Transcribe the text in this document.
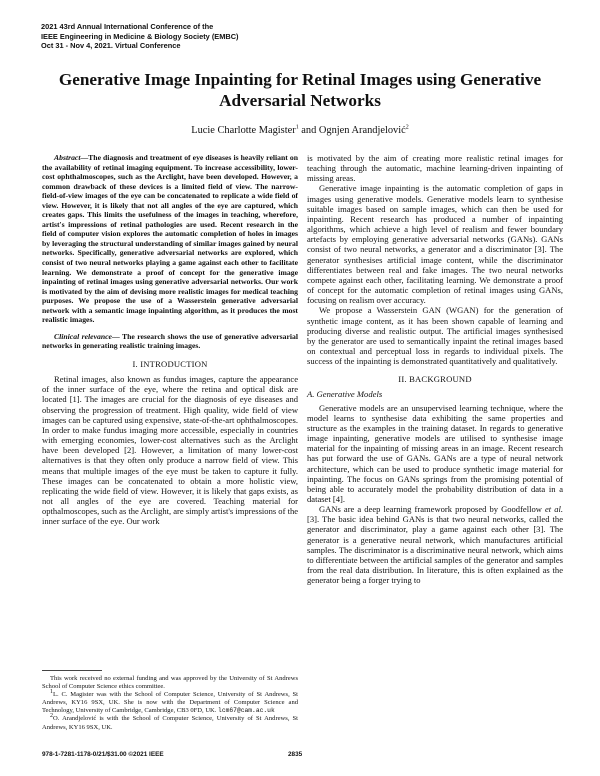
2021 43rd Annual International Conference of the
IEEE Engineering in Medicine & Biology Society (EMBC)
Oct 31 - Nov 4, 2021. Virtual Conference
Generative Image Inpainting for Retinal Images using Generative
Adversarial Networks
Lucie Charlotte Magister$^1$ and Ognjen Arandjelović$^2$

Abstract—The diagnosis and treatment of eye diseases is heavily reliant on the availability of retinal imaging equipment. To increase accessibility, lower-cost ophthalmoscopes, such as the Arclight, have been developed. However, a common drawback of these devices is a limited field of view. The narrow-field-of-view images of the eye can be concatenated to replicate a wide field of view. However, it is likely that not all angles of the eye are captured, which creates gaps. This limits the usefulness of the images in teaching, wherefore, artist's impressions of retinal pathologies are used. Recent research in the field of computer vision explores the automatic completion of holes in images by leveraging the structural understanding of similar images gained by neural networks. Specifically, generative adversarial networks are explored, which consist of two neural networks playing a game against each other to facilitate learning. We demonstrate a proof of concept for the generative image inpainting of retinal images using generative adversarial networks. Our work is motivated by the aim of devising more realistic images for medical teaching purposes. We propose the use of a Wasserstein generative adversarial network with a semantic image inpainting algorithm, as it produces the most realistic images.

Clinical relevance— The research shows the use of generative adversarial networks in generating realistic training images.

I. INTRODUCTION

Retinal images, also known as fundus images, capture the appearance of the inner surface of the eye, where the retina and optical disk are located [1]. The images are crucial for the diagnosis of eye diseases and observing the progression of treatment. High quality, wide field of view images can be captured using expensive, state-of-the-art ophthalmoscopes. In order to make fundus imaging more accessible, especially in countries with emerging economies, lower-cost alternatives such as the Arclight have been developed [2]. However, a limitation of many lower-cost alternatives is that they often only produce a narrow field of view. This means that multiple images of the eye must be taken to capture it fully. These images can be concatenated to obtain a more holistic view, replicating the wide field of view. However, it is likely that gaps exists, as not all angles of the eye are covered. Teaching material for opthalmoscopes, such as the Arclight, are simply artist's impressions of the inner surface of the eye. Our work

This work received no external funding and was approved by the University of St Andrews School of Computer Science ethics committee.

$^1$L. C. Magister was with the School of Computer Science, University of St Andrews, St Andrews, KY16 9SX, UK. She is now with the Department of Computer Science and Technology, University of Cambridge, Cambridge, CB3 0FD, UK. lcm67@cam.ac.uk

$^2$O. Arandjelović is with the School of Computer Science, University of St Andrews, St Andrews, KY16 9SX, UK.

is motivated by the aim of creating more realistic retinal images for teaching through the automatic, machine learning-driven inpainting of missing areas.

Generative image inpainting is the automatic completion of gaps in images using generative models. Generative models learn to synthesise suitable images based on sample images, which can then be used for inpainting. Recent research has produced a number of inpainting algorithms, which achieve a high level of realism and fewer boundary artefacts by employing generative adversarial networks (GANs). GANs consist of two neural networks, a generator and a discriminator [3]. The generator synthesises artificial image content, while the discriminator differentiates between real and fake images. The two neural networks compete against each other, facilitating learning. We demonstrate a proof of concept for the automatic completion of retinal images using GANs, focusing on realism over accuracy.

We propose a Wasserstein GAN (WGAN) for the generation of synthetic image content, as it has been shown capable of learning and producing diverse and realistic output. The artificial images synthesised by the generator are used to semantically inpaint the retinal images based on contextual and perceptual loss in regards to individual pixels. The success of the inpainting is demonstrated quantitatively and qualitatively.

II. BACKGROUND
A. Generative Models

Generative models are an unsupervised learning technique, where the model learns to synthesise data exhibiting the same properties and structure as the examples in the training dataset. In regards to generative image inpainting, generative models are utilised to synthesise image material for the inpainting of missing areas in an image. Recent research has put forward the use of GANs. GANs are a type of neural network architecture, which can be used to produce synthetic image material for inpainting. The focus on GANs springs from the promising potential of being able to accurately model the probability distribution of data in a dataset [4].

GANs are a deep learning framework proposed by Goodfellow et al. [3]. The basic idea behind GANs is that two neural networks, called the generator and discriminator, play a game against each other [3]. The generator is a generative neural network, which manufactures artificial samples. The discriminator is a discriminative neural network, which aims to differentiate between the artificial samples of the generator and samples from the real data distribution. In literature, this is often explained as the generator being a forger trying to

978-1-7281-1178-0/21/$31.00 ©2021 IEEE	2835
